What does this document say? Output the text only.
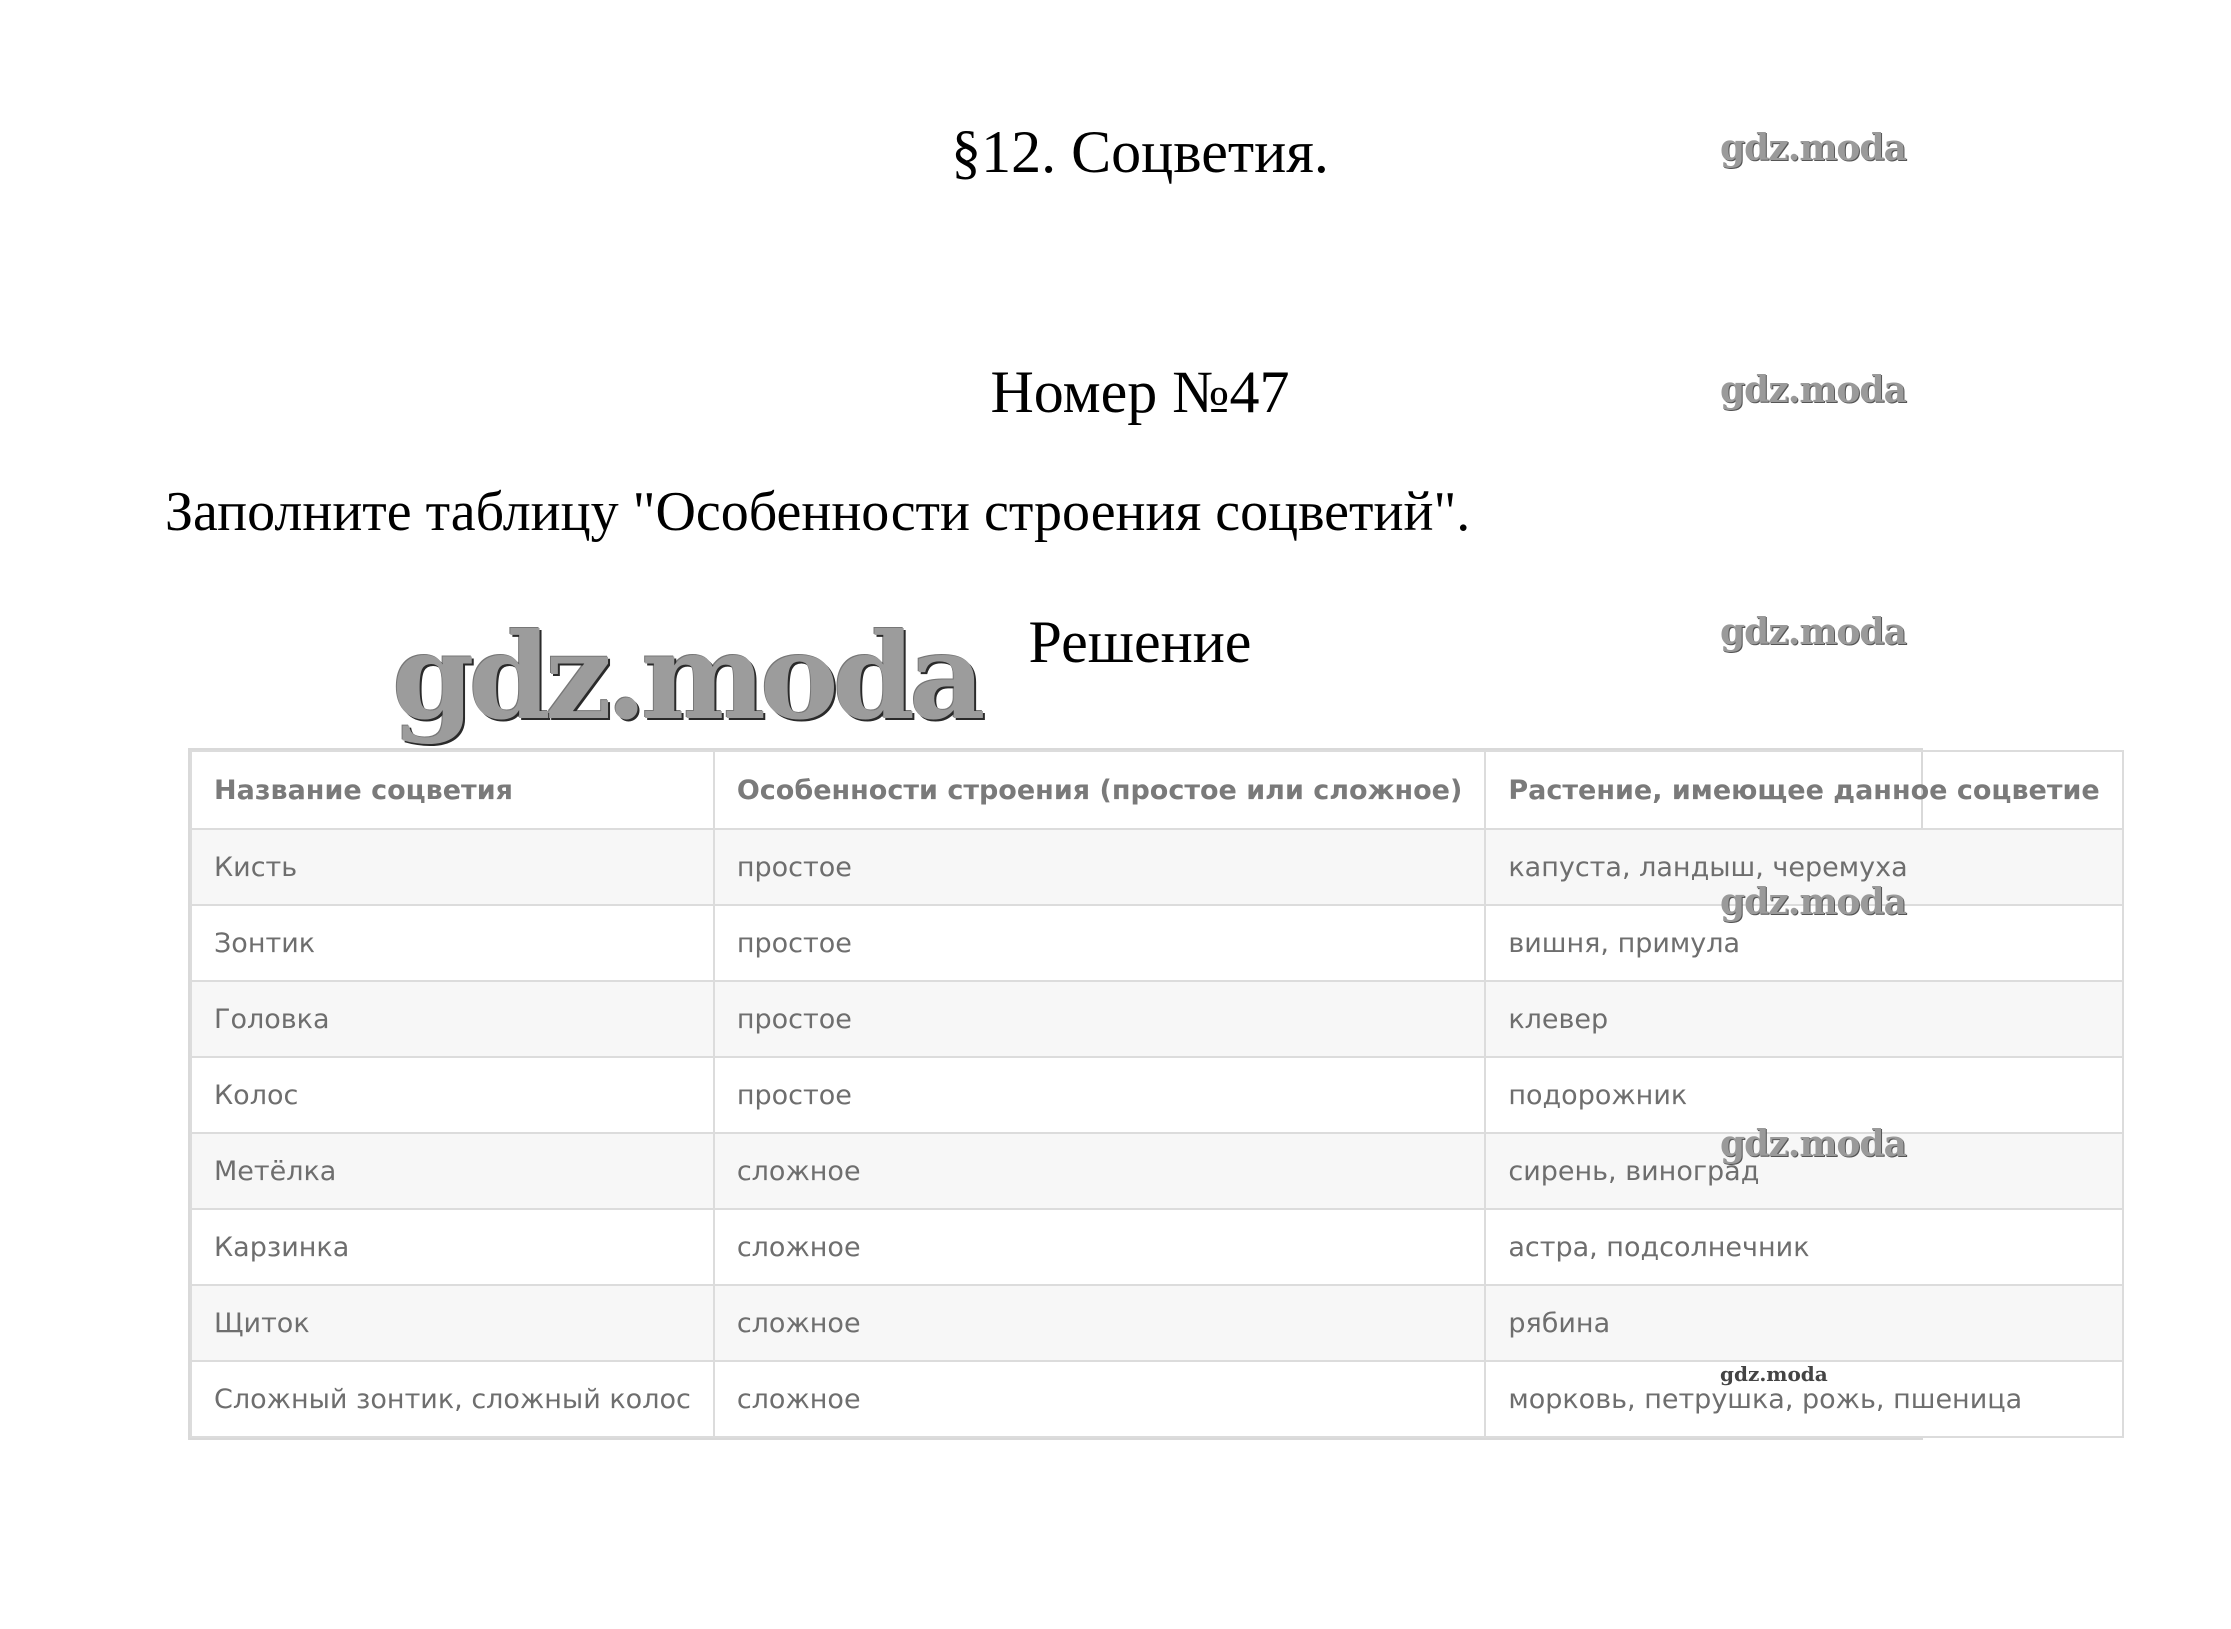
§12. Соцветия.	gdz.moda
Номер №47	gdz.moda
Заполните таблицу "Особенности строения соцветий".
Решение	gdz.moda
gdz.moda
Название соцветия	Особенности строения (простое или сложное)	Растение, имеющее данное соцветие
Кисть	простое	капуста, ландыш, черемуха
Зонтик	простое	вишня, примула
Головка	простое	клевер
Колос	простое	подорожник
Метёлка	сложное	сирень, виноград
Карзинка	сложное	астра, подсолнечник
Щиток	сложное	рябина
Сложный зонтик, сложный колос	сложное	морковь, петрушка, рожь, пшеница
gdz.moda
gdz.moda
gdz.moda
